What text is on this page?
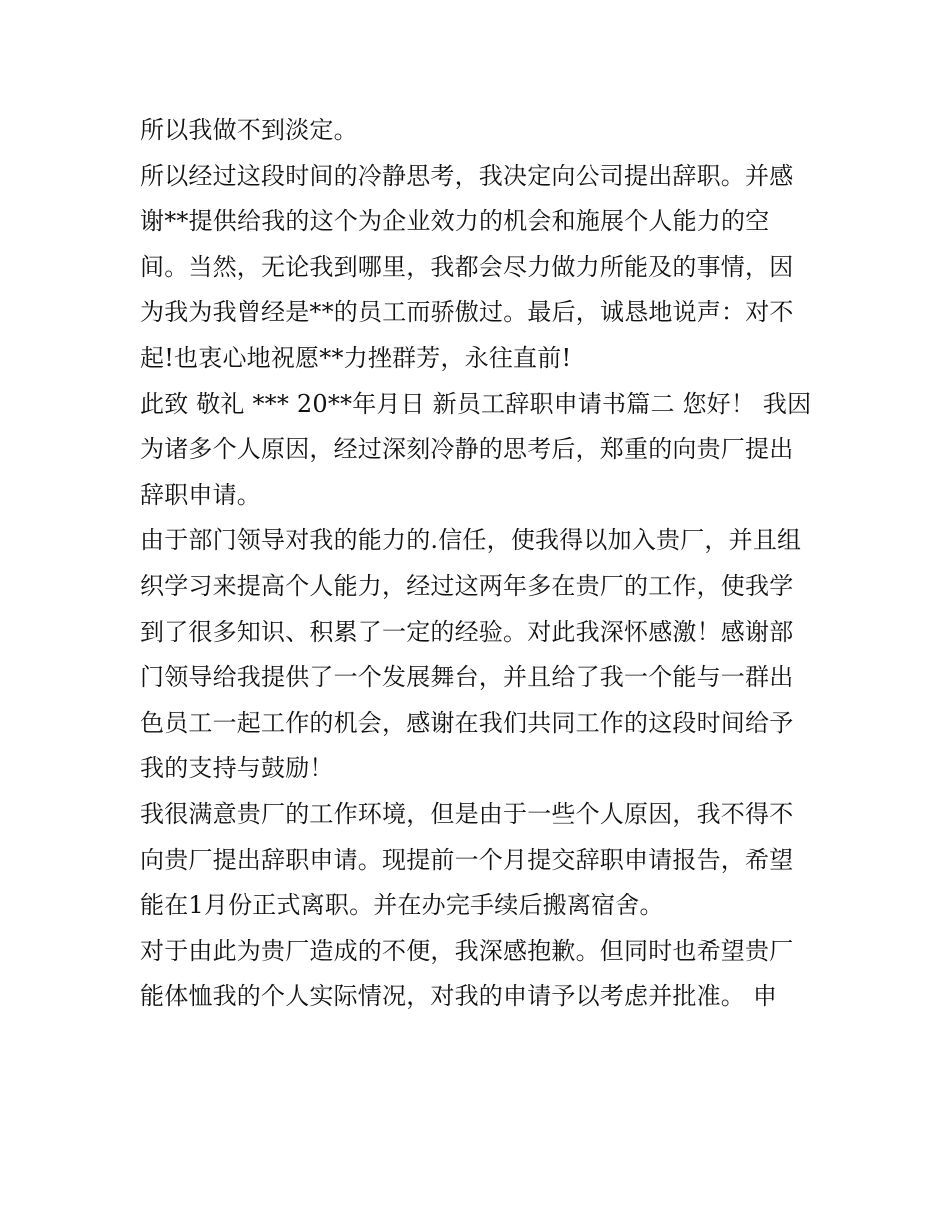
所以我做不到淡定。

所以经过这段时间的冷静思考，我决定向公司提出辞职。并感谢**提供给我的这个为企业效力的机会和施展个人能力的空间。当然，无论我到哪里，我都会尽力做力所能及的事情，因为我为我曾经是**的员工而骄傲过。最后，诚恳地说声：对不起!也衷心地祝愿**力挫群芳，永往直前!

此致 敬礼 *** 20**年月日 新员工辞职申请书篇二 您好！ 我因为诸多个人原因，经过深刻冷静的思考后，郑重的向贵厂提出辞职申请。

由于部门领导对我的能力的.信任，使我得以加入贵厂，并且组织学习来提高个人能力，经过这两年多在贵厂的工作，使我学到了很多知识、积累了一定的经验。对此我深怀感激！感谢部门领导给我提供了一个发展舞台，并且给了我一个能与一群出色员工一起工作的机会，感谢在我们共同工作的这段时间给予我的支持与鼓励！

我很满意贵厂的工作环境，但是由于一些个人原因，我不得不向贵厂提出辞职申请。现提前一个月提交辞职申请报告，希望能在1月份正式离职。并在办完手续后搬离宿舍。

对于由此为贵厂造成的不便，我深感抱歉。但同时也希望贵厂能体恤我的个人实际情况，对我的申请予以考虑并批准。 申
